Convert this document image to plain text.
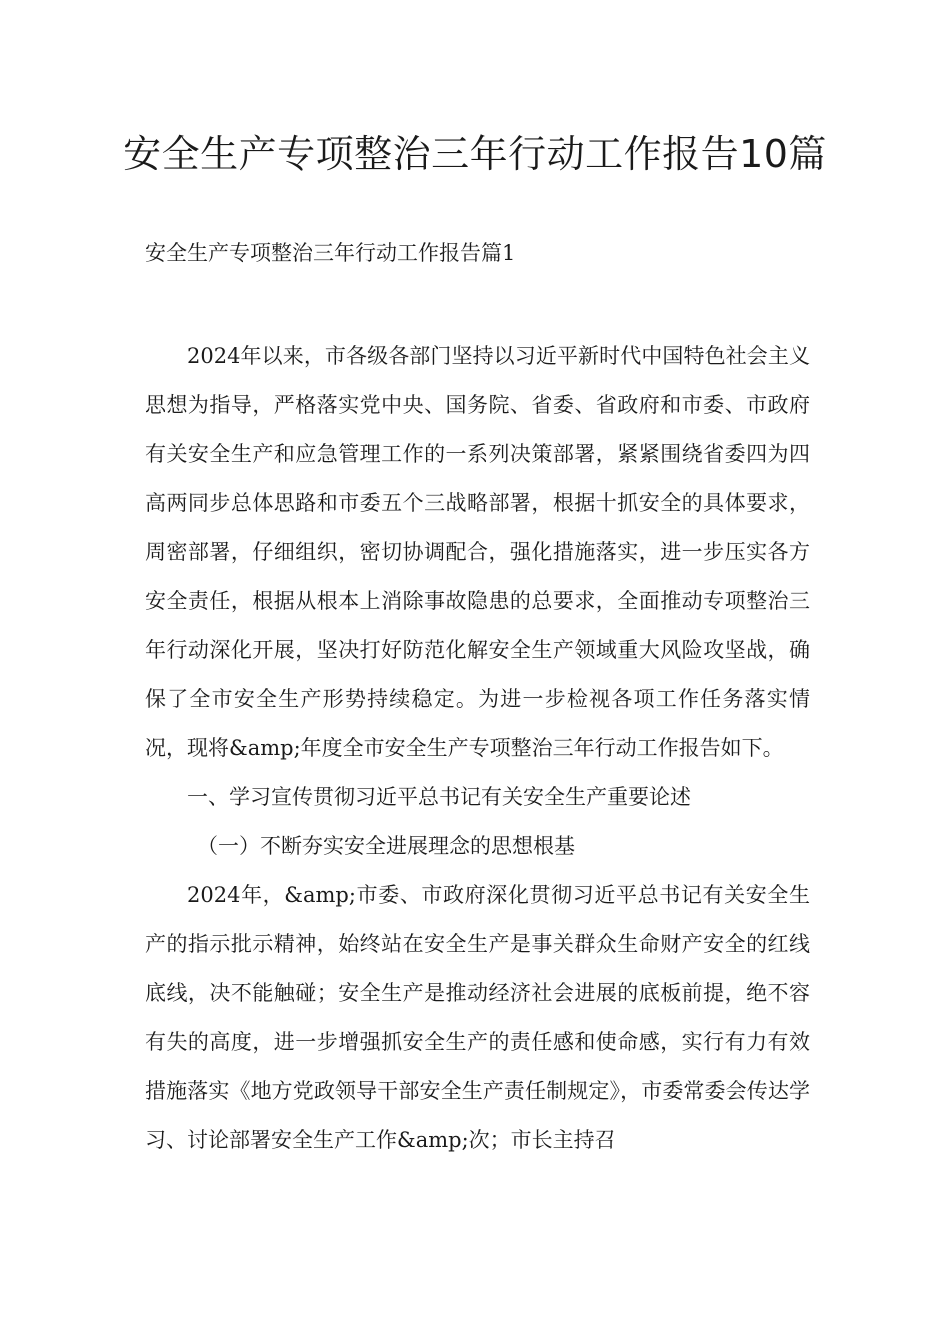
安全生产专项整治三年行动工作报告10篇

安全生产专项整治三年行动工作报告篇1

2024年以来，市各级各部门坚持以习近平新时代中国特色社会主义思想为指导，严格落实党中央、国务院、省委、省政府和市委、市政府有关安全生产和应急管理工作的一系列决策部署，紧紧围绕省委四为四高两同步总体思路和市委五个三战略部署，根据十抓安全的具体要求，周密部署，仔细组织，密切协调配合，强化措施落实，进一步压实各方安全责任，根据从根本上消除事故隐患的总要求，全面推动专项整治三年行动深化开展，坚决打好防范化解安全生产领域重大风险攻坚战，确保了全市安全生产形势持续稳定。为进一步检视各项工作任务落实情况，现将&amp;年度全市安全生产专项整治三年行动工作报告如下。

一、学习宣传贯彻习近平总书记有关安全生产重要论述

（一）不断夯实安全进展理念的思想根基

2024年，&amp;市委、市政府深化贯彻习近平总书记有关安全生产的指示批示精神，始终站在安全生产是事关群众生命财产安全的红线底线，决不能触碰；安全生产是推动经济社会进展的底板前提，绝不容有失的高度，进一步增强抓安全生产的责任感和使命感，实行有力有效措施落实《地方党政领导干部安全生产责任制规定》，市委常委会传达学习、讨论部署安全生产工作&amp;次；市长主持召
